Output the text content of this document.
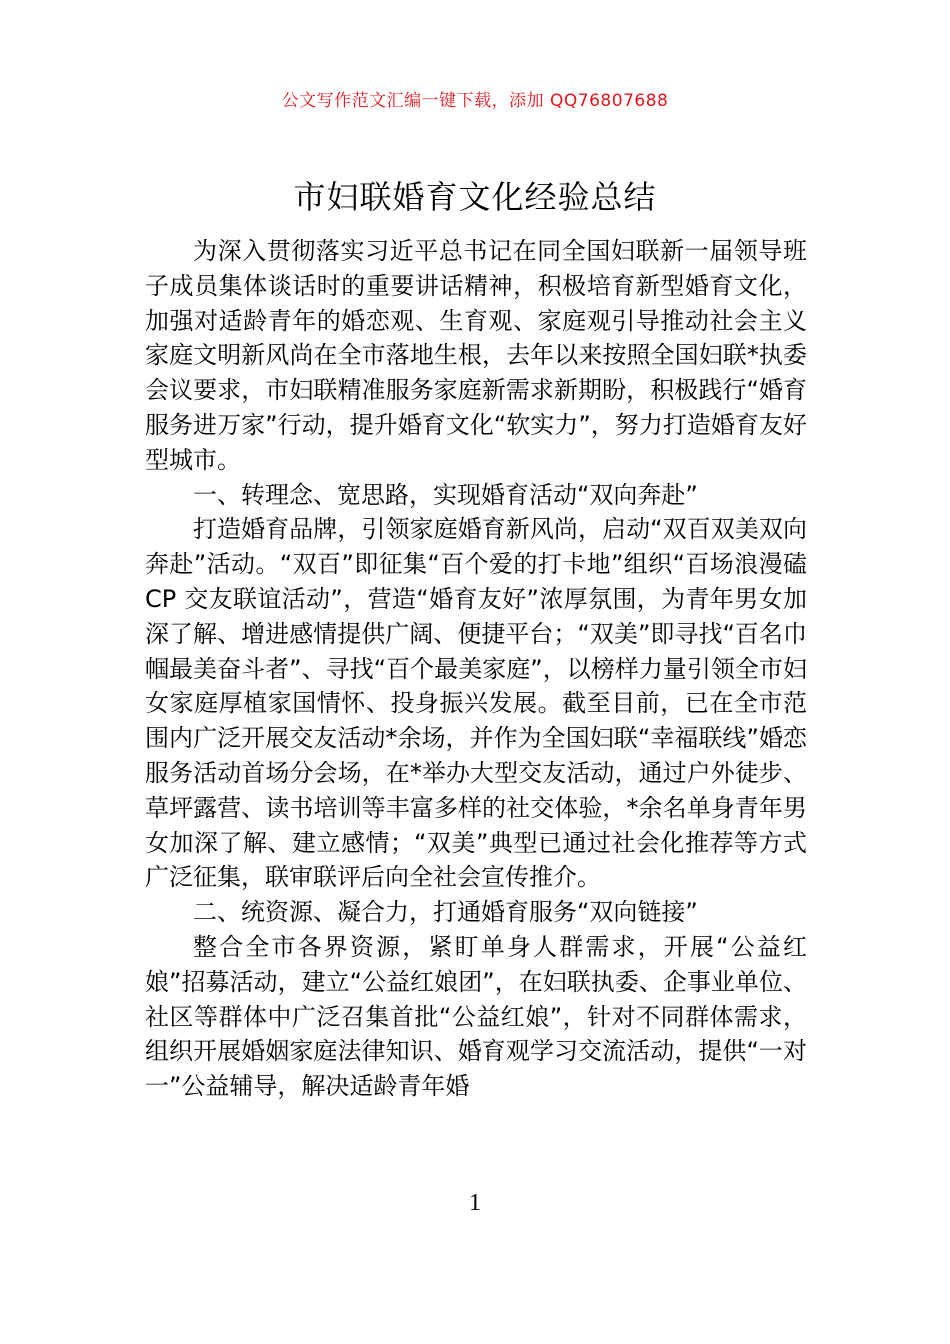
公文写作范文汇编一键下载，添加 QQ76807688
市妇联婚育文化经验总结

为深入贯彻落实习近平总书记在同全国妇联新一届领导班子成员集体谈话时的重要讲话精神，积极培育新型婚育文化，加强对适龄青年的婚恋观、生育观、家庭观引导推动社会主义家庭文明新风尚在全市落地生根，去年以来按照全国妇联*执委会议要求，市妇联精准服务家庭新需求新期盼，积极践行“婚育服务进万家”行动，提升婚育文化“软实力”，努力打造婚育友好型城市。

一、转理念、宽思路，实现婚育活动“双向奔赴”

打造婚育品牌，引领家庭婚育新风尚，启动“双百双美双向奔赴”活动。“双百”即征集“百个爱的打卡地”组织“百场浪漫磕 CP 交友联谊活动”，营造“婚育友好”浓厚氛围，为青年男女加深了解、增进感情提供广阔、便捷平台；“双美”即寻找“百名巾帼最美奋斗者”、寻找“百个最美家庭”，以榜样力量引领全市妇女家庭厚植家国情怀、投身振兴发展。截至目前，已在全市范围内广泛开展交友活动*余场，并作为全国妇联“幸福联线”婚恋服务活动首场分会场，在*举办大型交友活动，通过户外徒步、草坪露营、读书培训等丰富多样的社交体验，*余名单身青年男女加深了解、建立感情；“双美”典型已通过社会化推荐等方式广泛征集，联审联评后向全社会宣传推介。

二、统资源、凝合力，打通婚育服务“双向链接”

整合全市各界资源，紧盯单身人群需求，开展“公益红娘”招募活动，建立“公益红娘团”，在妇联执委、企事业单位、社区等群体中广泛召集首批“公益红娘”，针对不同群体需求，组织开展婚姻家庭法律知识、婚育观学习交流活动，提供“一对一”公益辅导，解决适龄青年婚

1
